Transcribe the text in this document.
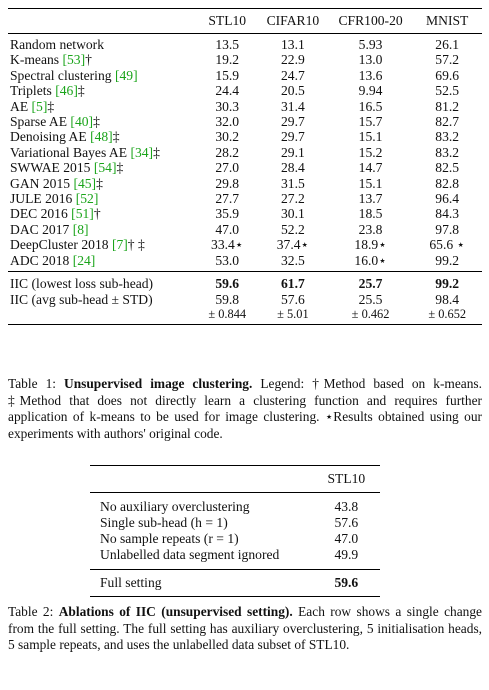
	STL10	CIFAR10	CFR100-20	MNIST
Random network	13.5	13.1	5.93	26.1
K-means [53]†	19.2	22.9	13.0	57.2
Spectral clustering [49]	15.9	24.7	13.6	69.6
Triplets [46]‡	24.4	20.5	9.94	52.5
AE [5]‡	30.3	31.4	16.5	81.2
Sparse AE [40]‡	32.0	29.7	15.7	82.7
Denoising AE [48]‡	30.2	29.7	15.1	83.2
Variational Bayes AE [34]‡	28.2	29.1	15.2	83.2
SWWAE 2015 [54]‡	27.0	28.4	14.7	82.5
GAN 2015 [45]‡	29.8	31.5	15.1	82.8
JULE 2016 [52]	27.7	27.2	13.7	96.4
DEC 2016 [51]†	35.9	30.1	18.5	84.3
DAC 2017 [8]	47.0	52.2	23.8	97.8
DeepCluster 2018 [7]† ‡	33.4⋆	37.4⋆	18.9⋆	65.6 ⋆
ADC 2018 [24]	53.0	32.5	16.0⋆	99.2
IIC (lowest loss sub-head)	59.6	61.7	25.7	99.2
IIC (avg sub-head ± STD)	59.8	57.6	25.5	98.4
	± 0.844	± 5.01	± 0.462	± 0.652
Table 1: Unsupervised image clustering. Legend: †Method based on k-means. ‡Method that does not directly learn a clustering function and requires further application of k-means to be used for image clustering. ⋆Results obtained using our experiments with authors' original code.
	STL10
No auxiliary overclustering	43.8
Single sub-head (h = 1)	57.6
No sample repeats (r = 1)	47.0
Unlabelled data segment ignored	49.9
Full setting	59.6
Table 2: Ablations of IIC (unsupervised setting). Each row shows a single change from the full setting. The full setting has auxiliary overclustering, 5 initialisation heads, 5 sample repeats, and uses the unlabelled data subset of STL10.
